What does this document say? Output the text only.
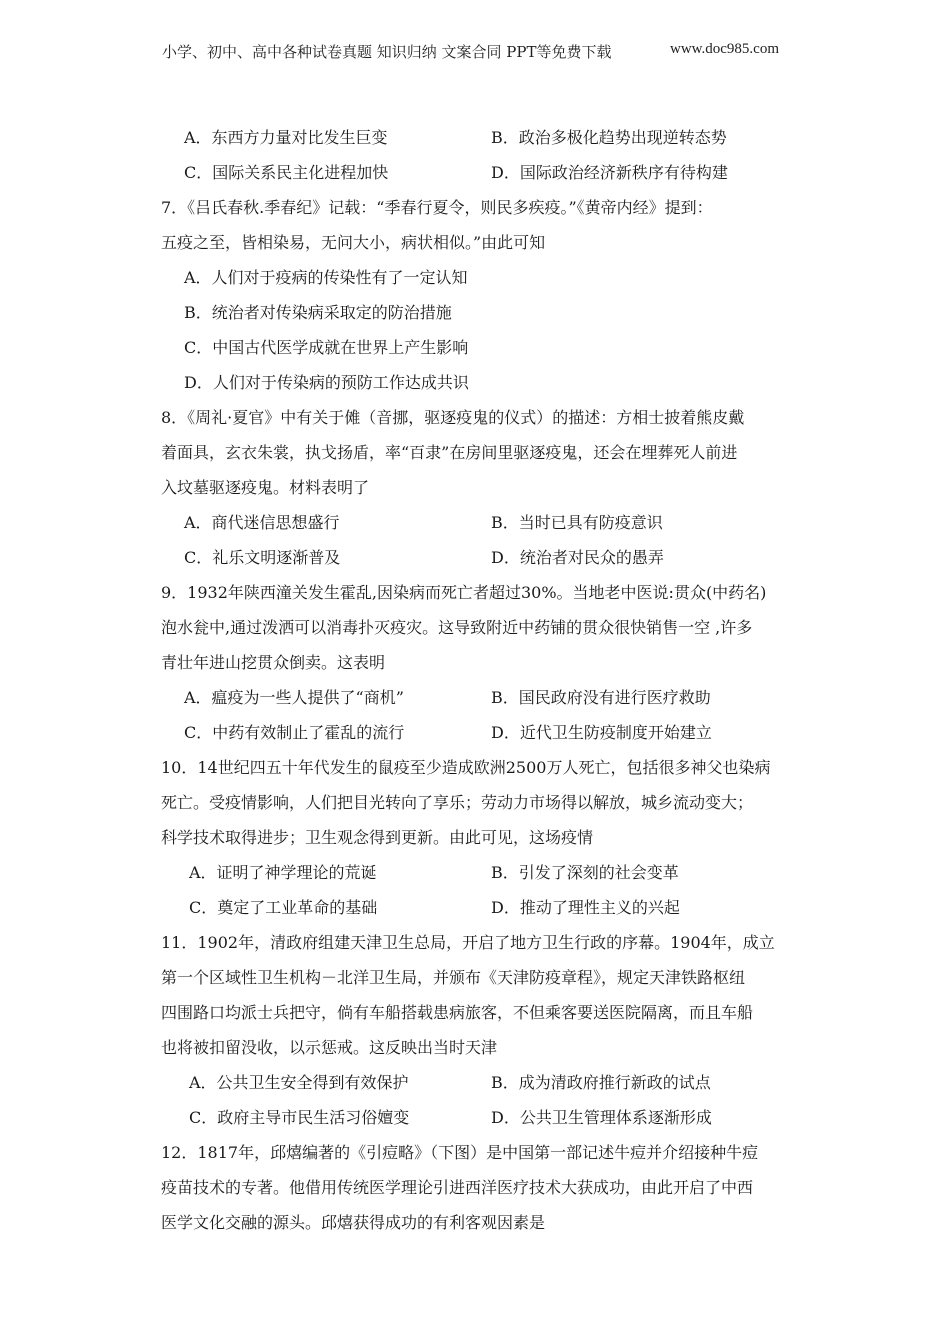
小学、初中、高中各种试卷真题 知识归纳 文案合同 PPT等免费下载	www.doc985.com
A．东西方力量对比发生巨变	B．政治多极化趋势出现逆转态势
C．国际关系民主化进程加快	D．国际政治经济新秩序有待构建
7．《吕氏春秋.季春纪》记载：“季春行夏令，则民多疾疫。”《黄帝内经》提到：
五疫之至，皆相染易，无问大小，病状相似。”由此可知
A．人们对于疫病的传染性有了一定认知
B．统治者对传染病采取定的防治措施
C．中国古代医学成就在世界上产生影响
D．人们对于传染病的预防工作达成共识
8．《周礼·夏官》中有关于傩（音挪，驱逐疫鬼的仪式）的描述：方相士披着熊皮戴
着面具，玄衣朱裳，执戈扬盾，率“百隶”在房间里驱逐疫鬼，还会在埋葬死人前进
入坟墓驱逐疫鬼。材料表明了
A．商代迷信思想盛行	B．当时已具有防疫意识
C．礼乐文明逐渐普及	D．统治者对民众的愚弄
9．1932年陕西潼关发生霍乱,因染病而死亡者超过30%。当地老中医说:贯众(中药名)
泡水瓮中,通过泼洒可以消毒扑灭疫灾。这导致附近中药铺的贯众很快销售一空 ,许多
青壮年进山挖贯众倒卖。这表明
A．瘟疫为一些人提供了“商机”	B．国民政府没有进行医疗救助
C．中药有效制止了霍乱的流行	D．近代卫生防疫制度开始建立
10．14世纪四五十年代发生的鼠疫至少造成欧洲2500万人死亡，包括很多神父也染病
死亡。受疫情影响，人们把目光转向了享乐；劳动力市场得以解放，城乡流动变大；
科学技术取得进步；卫生观念得到更新。由此可见，这场疫情
A．证明了神学理论的荒诞	B．引发了深刻的社会变革
C．奠定了工业革命的基础	D．推动了理性主义的兴起
11．1902年，清政府组建天津卫生总局，开启了地方卫生行政的序幕。1904年，成立
第一个区域性卫生机构－北洋卫生局，并颁布《天津防疫章程》，规定天津铁路枢纽
四围路口均派士兵把守，倘有车船搭载患病旅客，不但乘客要送医院隔离，而且车船
也将被扣留没收，以示惩戒。这反映出当时天津
A．公共卫生安全得到有效保护	B．成为清政府推行新政的试点
C．政府主导市民生活习俗嬗变	D．公共卫生管理体系逐渐形成
12．1817年，邱熺编著的《引痘略》（下图）是中国第一部记述牛痘并介绍接种牛痘
疫苗技术的专著。他借用传统医学理论引进西洋医疗技术大获成功，由此开启了中西
医学文化交融的源头。邱熺获得成功的有利客观因素是
